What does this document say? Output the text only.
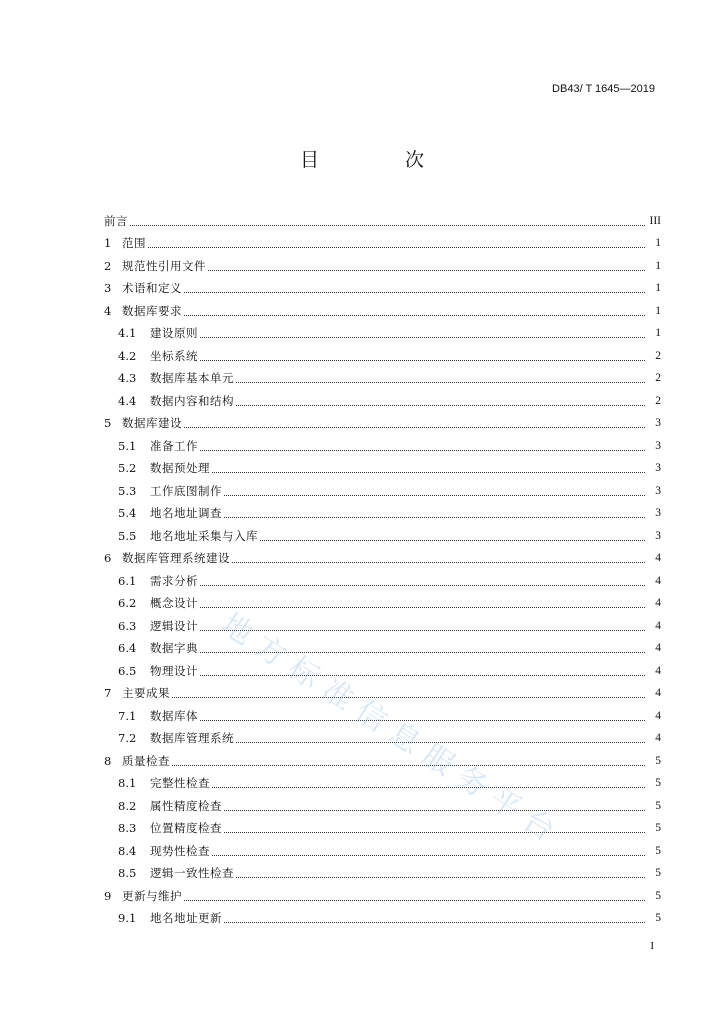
DB43/ T 1645—2019
目 次
前言	III
1 范围	1
2 规范性引用文件	1
3 术语和定义	1
4 数据库要求	1
4.1	建设原则	1
4.2	坐标系统	2
4.3	数据库基本单元	2
4.4	数据内容和结构	2
5 数据库建设	3
5.1	准备工作	3
5.2	数据预处理	3
5.3	工作底图制作	3
5.4	地名地址调查	3
5.5	地名地址采集与入库	3
6 数据库管理系统建设	4
6.1	需求分析	4
6.2	概念设计	4
6.3	逻辑设计	4
6.4	数据字典	4
6.5	物理设计	4
7 主要成果	4
7.1	数据库体	4
7.2	数据库管理系统	4
8 质量检查	5
8.1	完整性检查	5
8.2	属性精度检查	5
8.3	位置精度检查	5
8.4	现势性检查	5
8.5	逻辑一致性检查	5
9 更新与维护	5
9.1	地名地址更新	5
地方标准信息服务平台
I
